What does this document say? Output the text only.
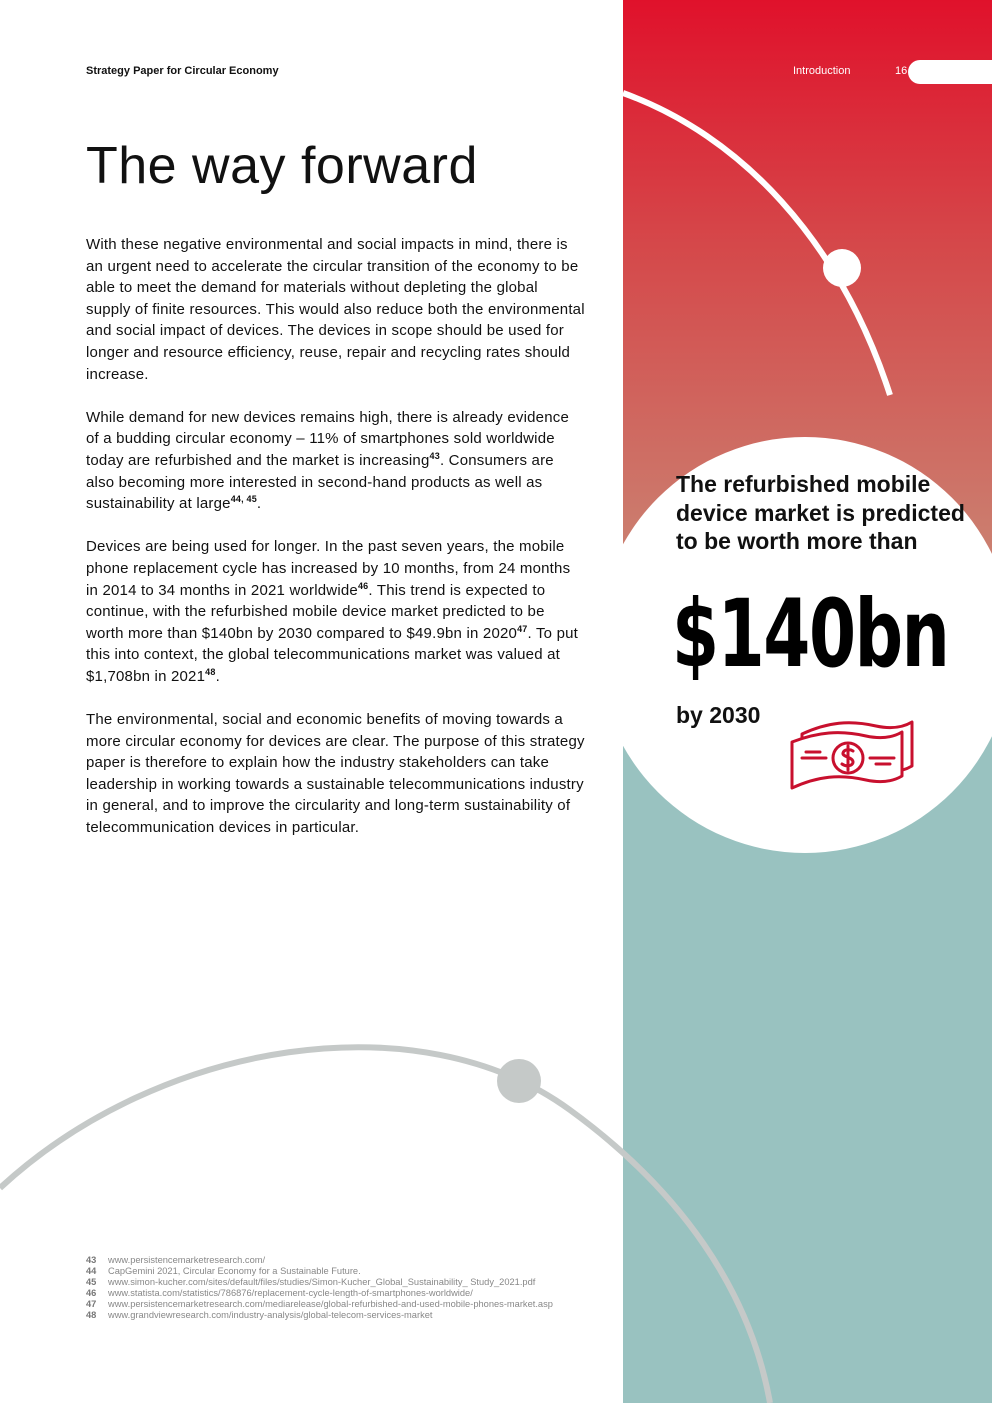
Strategy Paper for Circular Economy	Introduction	16
The way forward

With these negative environmental and social impacts in mind, there is an urgent need to accelerate the circular transition of the economy to be able to meet the demand for materials without depleting the global supply of finite resources. This would also reduce both the environmental and social impact of devices. The devices in scope should be used for longer and resource efficiency, reuse, repair and recycling rates should increase.

While demand for new devices remains high, there is already evidence of a budding circular economy – 11% of smartphones sold worldwide today are refurbished and the market is increasing$^{43}$. Consumers are also becoming more interested in second-hand products as well as sustainability at large$^{44, 45}$.

Devices are being used for longer. In the past seven years, the mobile phone replacement cycle has increased by 10 months, from 24 months in 2014 to 34 months in 2021 worldwide$^{46}$. This trend is expected to continue, with the refurbished mobile device market predicted to be worth more than $140bn by 2030 compared to $49.9bn in 2020$^{47}$. To put this into context, the global telecommunications market was valued at $1,708bn in 2021$^{48}$.

The environmental, social and economic benefits of moving towards a more circular economy for devices are clear. The purpose of this strategy paper is therefore to explain how the industry stakeholders can take leadership in working towards a sustainable telecommunications industry in general, and to improve the circularity and long-term sustainability of telecommunication devices in particular.

The refurbished mobile device market is predicted to be worth more than
$140bn
by 2030
43	www.persistencemarketresearch.com/
44	CapGemini 2021, Circular Economy for a Sustainable Future.
45	www.simon-kucher.com/sites/default/files/studies/Simon-Kucher_Global_Sustainability_ Study_2021.pdf
46	www.statista.com/statistics/786876/replacement-cycle-length-of-smartphones-worldwide/
47	www.persistencemarketresearch.com/mediarelease/global-refurbished-and-used-mobile-phones-market.asp
48	www.grandviewresearch.com/industry-analysis/global-telecom-services-market
